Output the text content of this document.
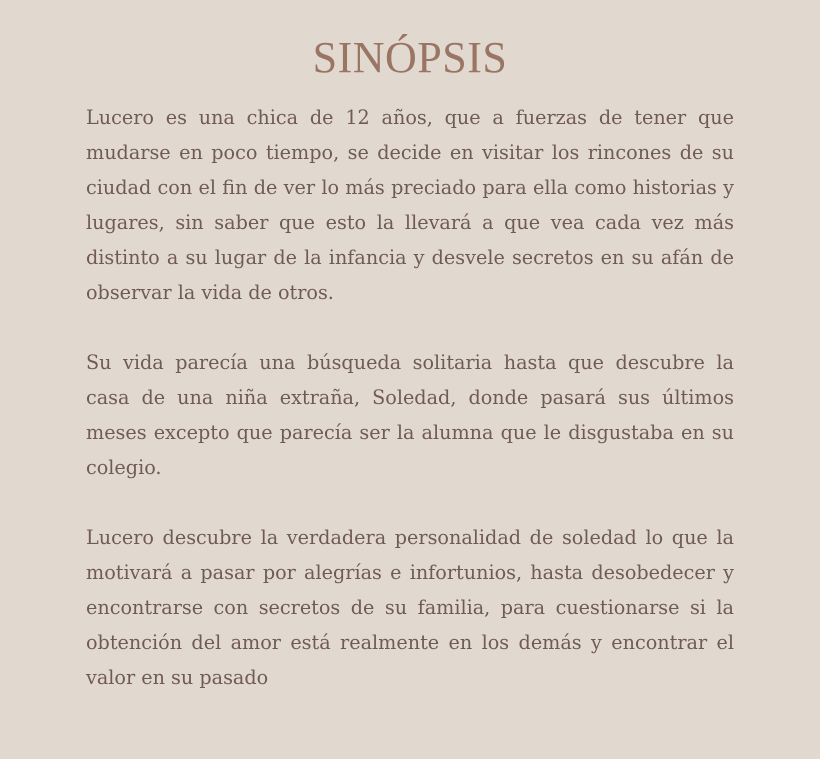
SINÓPSIS

Lucero es una chica de 12 años, que a fuerzas de tener que mudarse en poco tiempo, se decide en visitar los rincones de su ciudad con el fin de ver lo más preciado para ella como historias y lugares, sin saber que esto la llevará a que vea cada vez más distinto a su lugar de la infancia y desvele secretos en su afán de observar la vida de otros.

Su vida parecía una búsqueda solitaria hasta que descubre la casa de una niña extraña, Soledad, donde pasará sus últimos meses excepto que parecía ser la alumna que le disgustaba en su colegio.

Lucero descubre la verdadera personalidad de soledad lo que la motivará a pasar por alegrías e infortunios, hasta desobedecer y encontrarse con secretos de su familia, para cuestionarse si la obtención del amor está realmente en los demás y encontrar el valor en su pasado
